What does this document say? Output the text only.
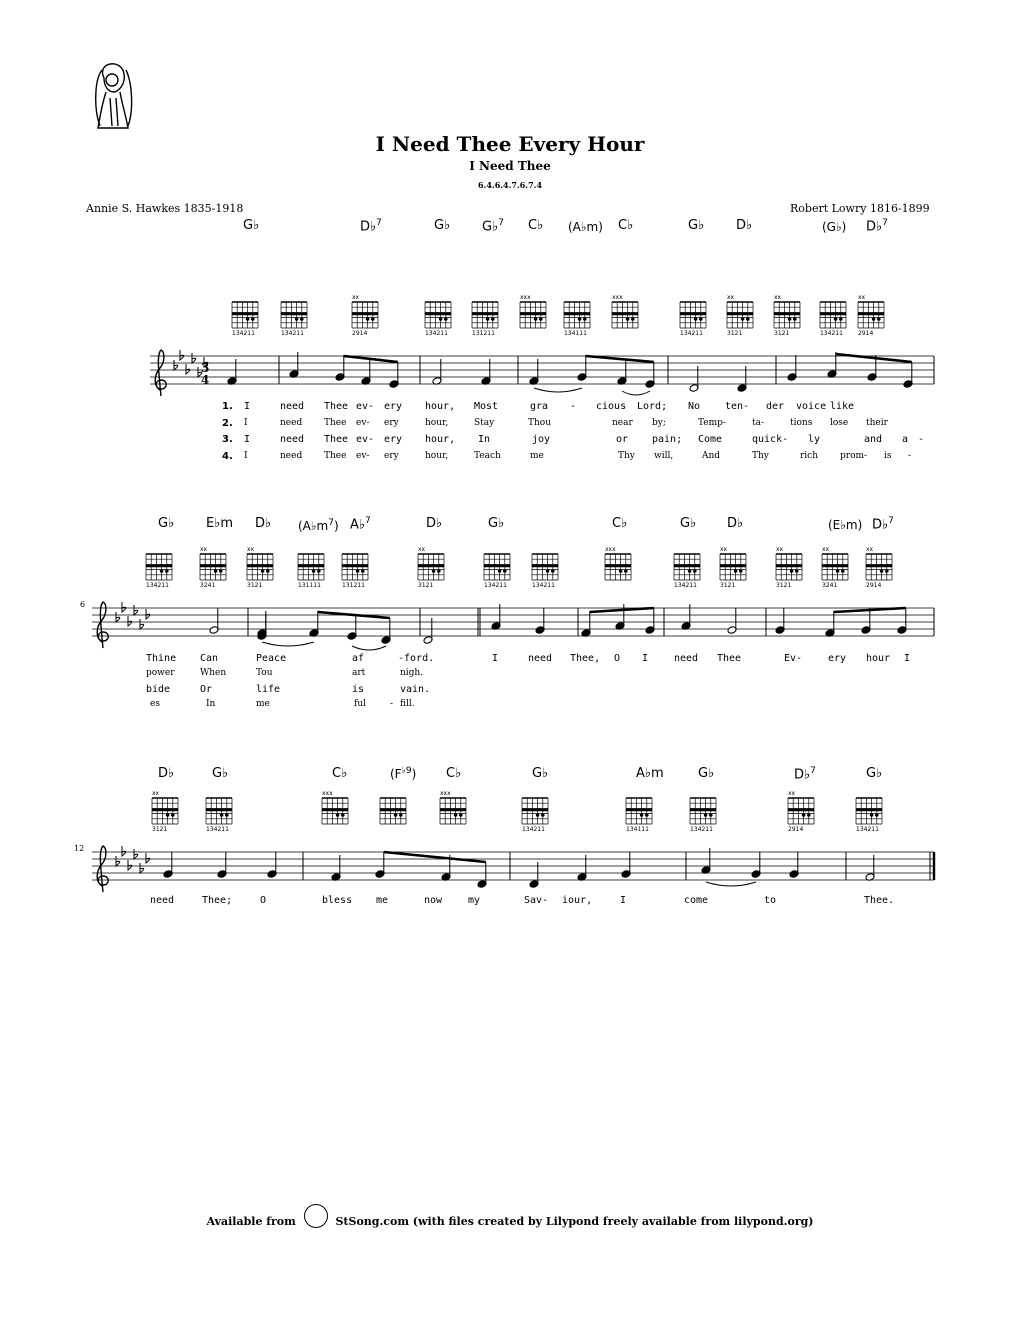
I Need Thee Every Hour
I Need Thee
6.4.6.4.7.6.7.4
Annie S. Hawkes 1835-1918	Robert Lowry 1816-1899
G♭	D♭$^7$	G♭ G♭$^7$ C♭ (A♭m) C♭	G♭ D♭	(G♭) D♭$^7$
G♭ E♭m D♭ $(A♭m^7)$ A♭$^7$	D♭	G♭	C♭	G♭ D♭	(E♭m) D♭$^7$
D♭	G♭	C♭	$(F^{♭9})$ C♭	G♭	A♭m	G♭	D♭$^7$	G♭
6
12
3
4
134211	134211
xx
2914	134211	131211
xxx
134111
xxx
134211
xx
3121
xx
3121	134211
xx
2914
134211
xx
3241
xx
3121	131111	131211
xx
3121	134211	134211
xxx
134211
xx
3121
xx
3121
xx
3241
xx
2914
xx
3121	134211
xxx	xxx
134211	134111	134211
xx
2914	134211
1.
2.
3.
4.
I	need Thee ev- ery hour, Most	gra - cious Lord; No ten- der voice like
I	need Thee ev- ery	hour,	Stay	Thou	near by;	Temp-	ta-	tions lose their
I	need Thee ev- ery hour, In	joy	or pain; Come	quick- ly	and a -
I	need Thee ev- ery	hour,	Teach	me	Thy will,	And	Thy	rich prom- is -
Thine Can	Peace	af	-ford.	I	need Thee, O I	need Thee	Ev-	ery hour I
power	When	Tou	art	nigh.
bide	Or	life	is	vain.
es	In	me	ful	- fill.
need	Thee;	O	bless me	now	my	Sav- iour,	I	come	to	Thee.
Available from	StSong.com (with files created by Lilypond freely available from lilypond.org)
